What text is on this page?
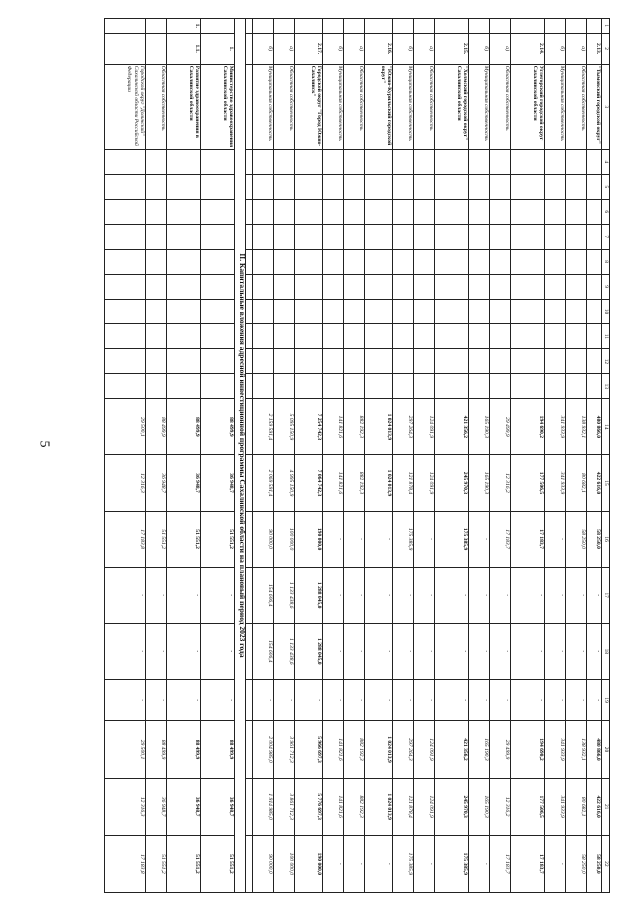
5
1	2	3	4	5	6	7	8	9	10	11	12	13	14	15	16	17	18	19	20	21	22
	2.13.	"Тымовский городской округ"											480 866,0	422 616,0	58 250,0	-	-	-	480 866,0	422 616,0	58 250,0
	а)	Областная собственность											138 932,1	80 682,1	58 250,0	-	-	-	138 932,1	80 682,1	58 250,0
	б)	Муниципальная собственность											341 933,9	341 933,9	-	-	-	-	341 933,9	341 933,9	-
	2.14.	Углегорский городской округ Сахалинской области											194 690,2	177 506,5	17 183,7	-	-	-	194 690,2	177 506,5	17 183,7
	а)	Областная собственность											29 499,9	12 316,2	17 183,7	-	-	-	29 499,9	12 316,2	17 183,7
	б)	Муниципальная собственность											165 190,3	165 190,3	-	-	-	-	165 190,3	165 190,3	-
	2.15.	"Холмский городской округ" Сахалинской области											421 356,2	245 970,3	175 385,9	-	-	-	421 356,2	245 970,3	175 385,9
	а)	Областная собственность											124 091,9	124 091,9	-	-	-	-	124 091,9	124 091,9	-
	б)	Муниципальная собственность											297 264,3	121 878,4	175 385,9	-	-	-	297 264,3	121 878,4	175 385,9
	2.16.	"Южно-Курильский городской округ"											1 024 013,9	1 024 013,9	-	-	-	-	1 024 013,9	1 024 013,9	-
	а)	Областная собственность											882 192,3	882 192,3	-	-	-	-	882 192,3	882 192,3	-
	б)	Муниципальная собственность											141 821,6	141 821,6	-	-	-	-	141 821,6	141 821,6	-
	2.17.	Городской округ "Город Южно-Сахалинск"											7 254 742,3	7 064 742,3	190 000,0	1 288 045,0	1 288 045,0	-	5 966 697,3	5 776 697,3	190 000,0
	а)	Областная собственность											5 095 150,9	4 995 150,9	100 000,0	1 133 438,6	1 133 438,6	-	3 961 712,3	3 861 712,3	100 000,0
	б)	Муниципальная собственность											2 159 591,4	2 069 591,4	90 000,0	154 606,4	154 606,4	-	2 004 985,0	1 914 985,0	90 000,0

II. Капитальные вложения адресной инвестиционной программы Сахалинской области на плановый период 2023 года																					
	1.	Министерство здравоохранения Сахалинской области											88 499,9	36 948,7	51 551,2	-	-	-	88 499,9	36 948,7	51 551,2
1.	1.1.	Развитие здравоохранения в Сахалинской области											88 499,9	36 948,7	51 551,2	-	-	-	88 499,9	36 948,7	51 551,2
		Областная собственность											88 499,9	36 948,7	51 551,2	-	-	-	88 499,9	36 948,7	51 551,2
		Городской округ "Долинский" Сахалинской области Российской Федерации											29 500,1	12 316,3	17 183,8	-	-	-	29 500,1	12 316,3	17 183,8
